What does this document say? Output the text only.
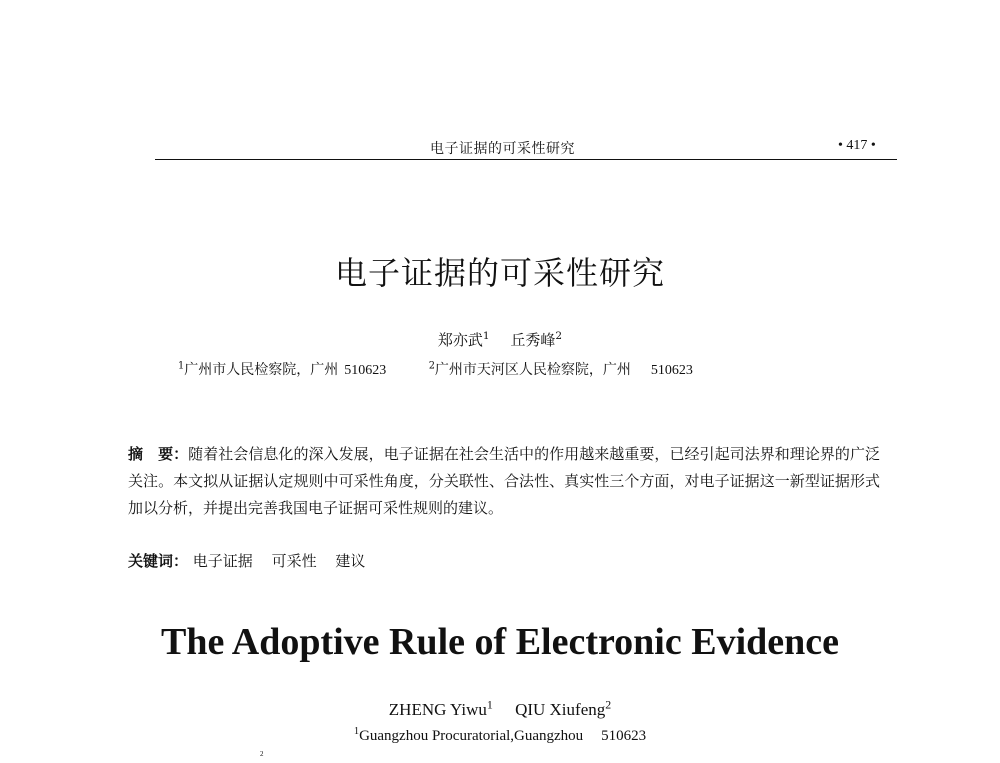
电子证据的可采性研究	• 417 •
电子证据的可采性研究
郑亦武$^1$ 丘秀峰$^2$
$^1$广州市人民检察院，广州 510623	$^2$广州市天河区人民检察院，广州 510623
摘　要：随着社会信息化的深入发展，电子证据在社会生活中的作用越来越重要，已经引起司法界和理论界的广泛关注。本文拟从证据认定规则中可采性角度，分关联性、合法性、真实性三个方面，对电子证据这一新型证据形式加以分析，并提出完善我国电子证据可采性规则的建议。
关键词： 电子证据 可采性 建议
The Adoptive Rule of Electronic Evidence
ZHENG Yiwu$^1$ QIU Xiufeng$^2$
$^1$Guangzhou Procuratorial,Guangzhou 510623
$^2$
